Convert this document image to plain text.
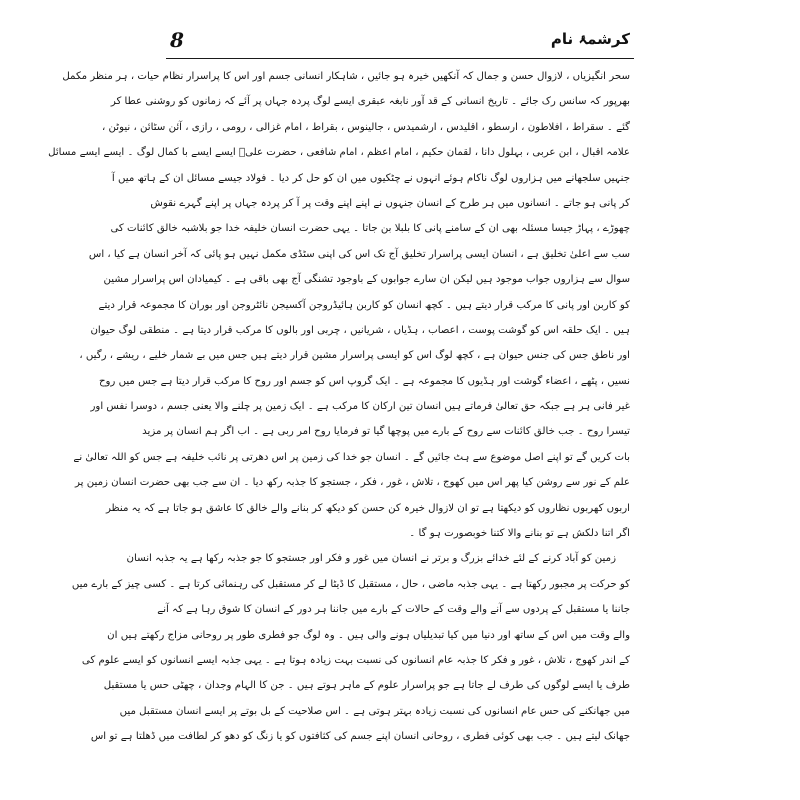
8	کرشمۂ نام
سحر انگیزیاں ، لازوال حسن و جمال کہ آنکھیں خیرہ ہو جائیں ، شاہکار انسانی جسم اور اس کا پراسرار نظام حیات ، ہر منظر مکمل
بھرپور کہ سانس رک جائے ۔ تاریخ انسانی کے قد آور نابغہ عبقری ایسے لوگ پردہ جہاں پر آئے کہ زمانوں کو روشنی عطا کر
گئے ۔ سقراط ، افلاطون ، ارسطو ، اقلیدس ، ارشمیدس ، جالینوس ، بقراط ، امام غزالی ، رومی ، رازی ، آئن سٹائن ، نیوٹن ،
علامہ اقبال ، ابن عربی ، بہلول دانا ، لقمان حکیم ، امام اعظم ، امام شافعی ، حضرت علیؓ ایسے ایسے با کمال لوگ ۔ ایسے ایسے مسائل
جنہیں سلجھانے میں ہزاروں لوگ ناکام ہوئے انہوں نے چٹکیوں میں ان کو حل کر دیا ۔ فولاد جیسے مسائل ان کے ہاتھ میں آ
کر پانی ہو جاتے ۔ انسانوں میں ہر طرح کے انسان جنہوں نے اپنے اپنے وقت پر آ کر پردہ جہاں پر اپنے گہرے نقوش
چھوڑے ، پہاڑ جیسا مسئلہ بھی ان کے سامنے پانی کا بلبلا بن جاتا ۔ یہی حضرت انسان خلیفہ خدا جو بلاشبہ خالق کائنات کی
سب سے اعلیٰ تخلیق ہے ، انسان ایسی پراسرار تخلیق آج تک اس کی اپنی سٹڈی مکمل نہیں ہو پائی کہ آخر انسان ہے کیا ، اس
سوال سے ہزاروں جواب موجود ہیں لیکن ان سارے جوابوں کے باوجود تشنگی آج بھی باقی ہے ۔ کیمیادان اس پراسرار مشین
کو کاربن اور پانی کا مرکب قرار دیتے ہیں ۔ کچھ انسان کو کاربن ہائیڈروجن آکسیجن نائٹروجن اور بوران کا مجموعہ قرار دیتے
ہیں ۔ ایک حلقہ اس کو گوشت پوست ، اعصاب ، ہڈیاں ، شریانیں ، چربی اور بالوں کا مرکب قرار دیتا ہے ۔ منطقی لوگ حیوان
اور ناطق جس کی جنس حیوان ہے ، کچھ لوگ اس کو ایسی پراسرار مشین قرار دیتے ہیں جس میں بے شمار خلیے ، ریشے ، رگیں ،
نسیں ، پٹھے ، اعضاء گوشت اور ہڈیوں کا مجموعہ ہے ۔ ایک گروپ اس کو جسم اور روح کا مرکب قرار دیتا ہے جس میں روح
غیر فانی ہر ہے جبکہ حق تعالیٰ فرماتے ہیں انسان تین ارکان کا مرکب ہے ۔ ایک زمین پر چلنے والا یعنی جسم ، دوسرا نفس اور
تیسرا روح ۔ جب خالق کائنات سے روح کے بارے میں پوچھا گیا تو فرمایا روح امر ربی ہے ۔ اب اگر ہم انسان پر مزید
بات کریں گے تو اپنے اصل موضوع سے ہٹ جائیں گے ۔ انسان جو خدا کی زمین پر اس دھرتی پر نائب خلیفہ ہے جس کو اللہ تعالیٰ نے
علم کے نور سے روشن کیا پھر اس میں کھوج ، تلاش ، غور ، فکر ، جستجو کا جذبہ رکھ دیا ۔ ان سے جب بھی حضرت انسان زمین پر
اربوں کھربوں نظاروں کو دیکھتا ہے تو ان لازوال خیرہ کن حسن کو دیکھ کر بنانے والے خالق کا عاشق ہو جاتا ہے کہ یہ منظر
اگر اتنا دلکش ہے تو بنانے والا کتنا خوبصورت ہو گا ۔
زمین کو آباد کرنے کے لئے خدائے بزرگ و برتر نے انسان میں غور و فکر اور جستجو کا جو جذبہ رکھا ہے یہ جذبہ انسان
کو حرکت پر مجبور رکھتا ہے ۔ یہی جذبہ ماضی ، حال ، مستقبل کا ڈیٹا لے کر مستقبل کی رہنمائی کرتا ہے ۔ کسی چیز کے بارے میں
جاننا یا مستقبل کے پردوں سے آنے والے وقت کے حالات کے بارے میں جاننا ہر دور کے انسان کا شوق رہا ہے کہ آنے
والے وقت میں اس کے ساتھ اور دنیا میں کیا تبدیلیاں ہونے والی ہیں ۔ وہ لوگ جو فطری طور پر روحانی مزاج رکھتے ہیں ان
کے اندر کھوج ، تلاش ، غور و فکر کا جذبہ عام انسانوں کی نسبت بہت زیادہ ہوتا ہے ۔ یہی جذبہ ایسے انسانوں کو ایسے علوم کی
طرف یا ایسے لوگوں کی طرف لے جاتا ہے جو پراسرار علوم کے ماہر ہوتے ہیں ۔ جن کا الہام وجدان ، چھٹی حس یا مستقبل
میں جھانکنے کی حس عام انسانوں کی نسبت زیادہ بہتر ہوتی ہے ۔ اس صلاحیت کے بل بوتے پر ایسے انسان مستقبل میں
جھانک لیتے ہیں ۔ جب بھی کوئی فطری ، روحانی انسان اپنے جسم کی کثافتوں کو یا زنگ کو دھو کر لطافت میں ڈھلتا ہے تو اس
